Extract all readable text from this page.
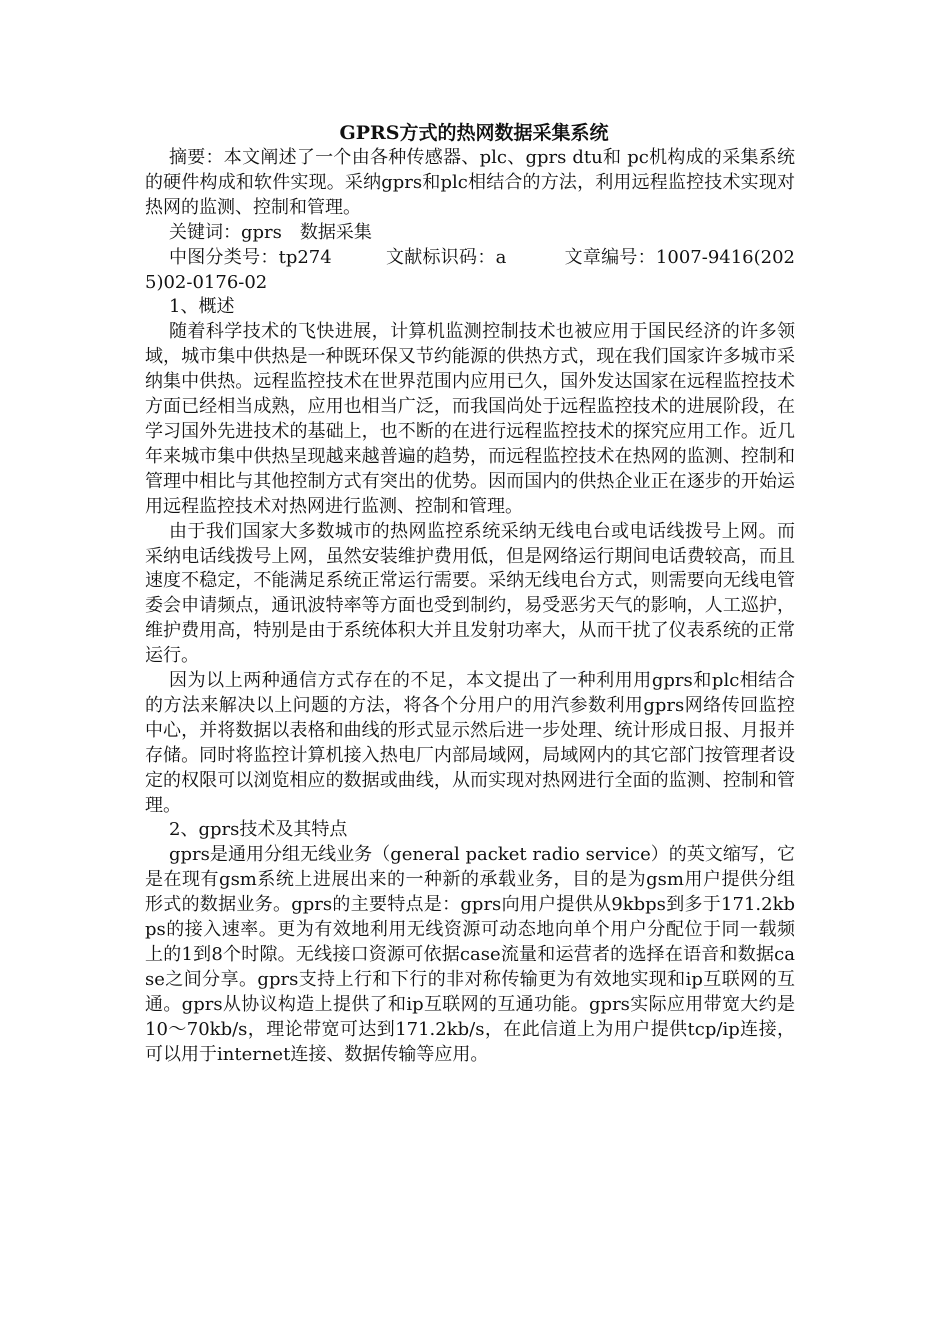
GPRS方式的热网数据采集系统

摘要：本文阐述了一个由各种传感器、plc、gprs dtu和 pc机构成的采集系统的硬件构成和软件实现。采纳gprs和plc相结合的方法，利用远程监控技术实现对热网的监测、控制和管理。

关键词：gprs 数据采集

中图分类号：tp274	文献标识码：a	文章编号：1007-9416(2025)02-0176-02

1、概述

随着科学技术的飞快进展，计算机监测控制技术也被应用于国民经济的许多领域，城市集中供热是一种既环保又节约能源的供热方式，现在我们国家许多城市采纳集中供热。远程监控技术在世界范围内应用已久，国外发达国家在远程监控技术方面已经相当成熟，应用也相当广泛，而我国尚处于远程监控技术的进展阶段，在学习国外先进技术的基础上，也不断的在进行远程监控技术的探究应用工作。近几年来城市集中供热呈现越来越普遍的趋势，而远程监控技术在热网的监测、控制和管理中相比与其他控制方式有突出的优势。因而国内的供热企业正在逐步的开始运用远程监控技术对热网进行监测、控制和管理。

由于我们国家大多数城市的热网监控系统采纳无线电台或电话线拨号上网。而采纳电话线拨号上网，虽然安装维护费用低，但是网络运行期间电话费较高，而且速度不稳定，不能满足系统正常运行需要。采纳无线电台方式，则需要向无线电管委会申请频点，通讯波特率等方面也受到制约，易受恶劣天气的影响，人工巡护，维护费用高，特别是由于系统体积大并且发射功率大，从而干扰了仪表系统的正常运行。

因为以上两种通信方式存在的不足，本文提出了一种利用用gprs和plc相结合的方法来解决以上问题的方法，将各个分用户的用汽参数利用gprs网络传回监控中心，并将数据以表格和曲线的形式显示然后进一步处理、统计形成日报、月报并存储。同时将监控计算机接入热电厂内部局域网，局域网内的其它部门按管理者设定的权限可以浏览相应的数据或曲线，从而实现对热网进行全面的监测、控制和管理。

2、gprs技术及其特点

gprs是通用分组无线业务（general packet radio service）的英文缩写，它是在现有gsm系统上进展出来的一种新的承载业务，目的是为gsm用户提供分组形式的数据业务。gprs的主要特点是：gprs向用户提供从9kbps到多于171.2kbps的接入速率。更为有效地利用无线资源可动态地向单个用户分配位于同一载频上的1到8个时隙。无线接口资源可依据case流量和运营者的选择在语音和数据case之间分享。gprs支持上行和下行的非对称传输更为有效地实现和ip互联网的互通。gprs从协议构造上提供了和ip互联网的互通功能。gprs实际应用带宽大约是10～70kb/s，理论带宽可达到171.2kb/s，在此信道上为用户提供tcp/ip连接，可以用于internet连接、数据传输等应用。
